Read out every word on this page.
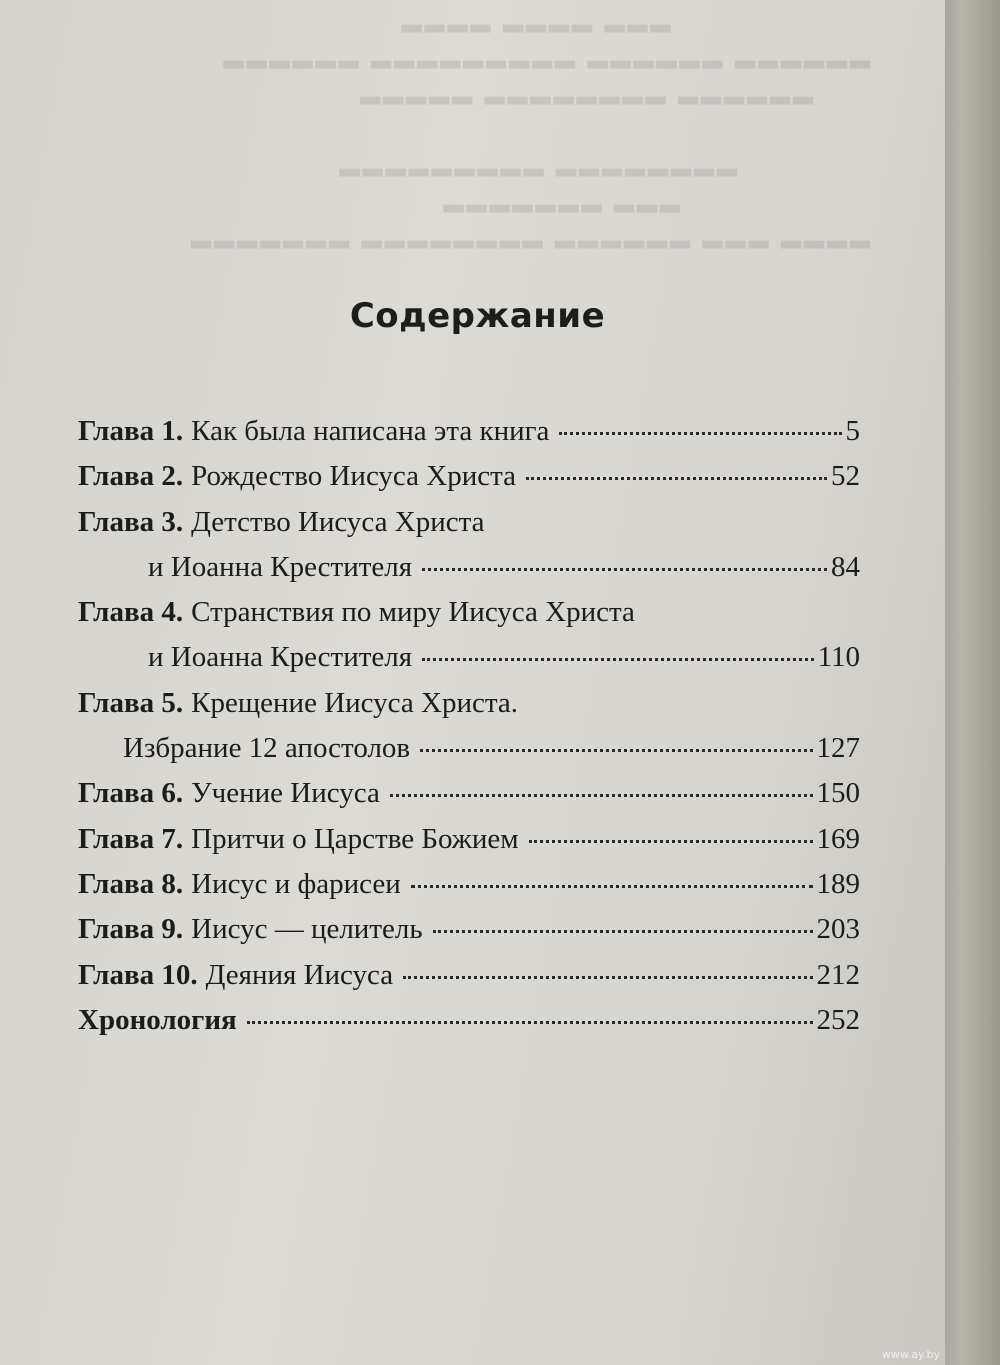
▂▂▂ ▂▂▂▂ ▂▂▂▂
▂▂▂▂▂▂ ▂▂▂▂▂▂ ▂▂▂▂▂▂▂▂▂ ▂▂▂▂▂▂
▂▂▂▂▂▂ ▂▂▂▂▂▂▂▂ ▂▂▂▂▂

▂▂▂▂▂▂▂▂ ▂▂▂▂▂▂▂▂▂
▂▂▂ ▂▂▂▂▂▂▂
▂▂▂▂ ▂▂▂ ▂▂▂▂▂▂ ▂▂▂▂▂▂▂▂ ▂▂▂▂▂▂▂
Содержание
Глава 1. Как была написана эта книга	5
Глава 2. Рождество Иисуса Христа	52
Глава 3. Детство Иисуса Христа
и Иоанна Крестителя	84
Глава 4. Странствия по миру Иисуса Христа
и Иоанна Крестителя	110
Глава 5. Крещение Иисуса Христа.
Избрание 12 апостолов	127
Глава 6. Учение Иисуса	150
Глава 7. Притчи о Царстве Божием	169
Глава 8. Иисус и фарисеи	189
Глава 9. Иисус — целитель	203
Глава 10. Деяния Иисуса	212
Хронология	252
www.ay.by
